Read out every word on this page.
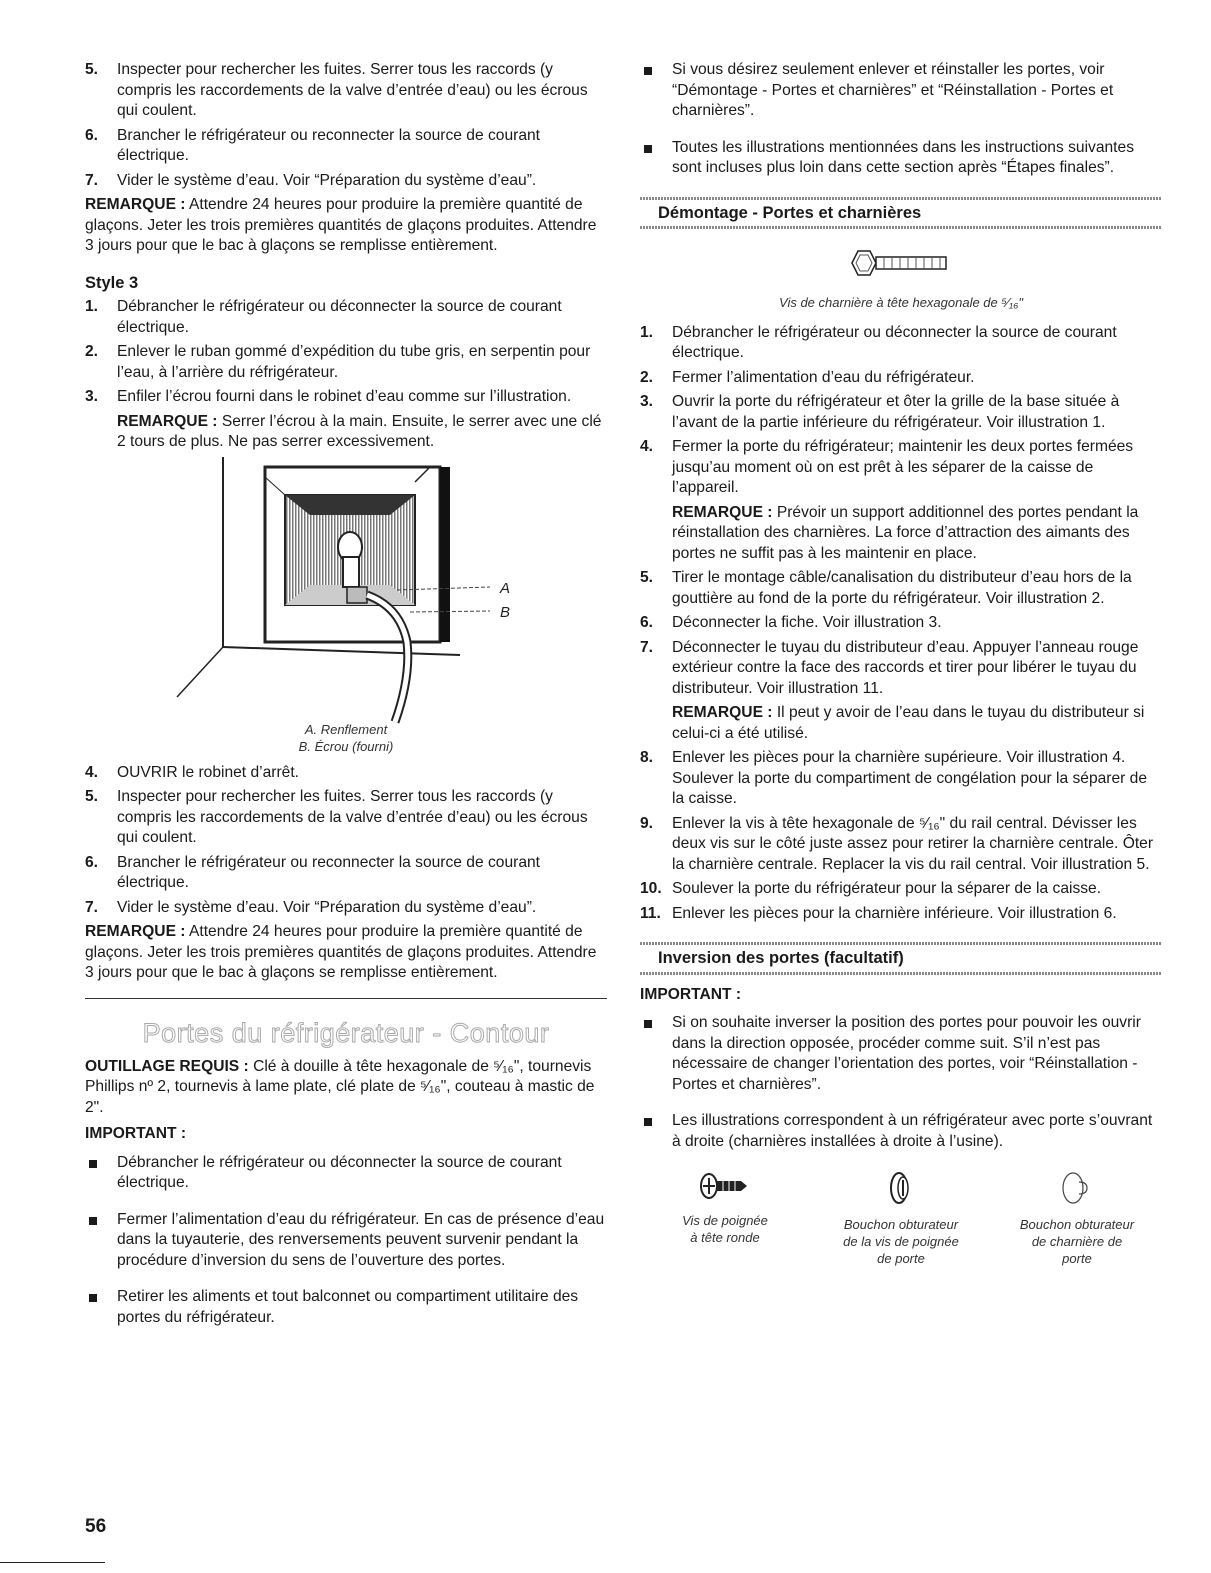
5. Inspecter pour rechercher les fuites. Serrer tous les raccords (y compris les raccordements de la valve d’entrée d’eau) ou les écrous qui coulent.
6. Brancher le réfrigérateur ou reconnecter la source de courant électrique.
7. Vider le système d’eau. Voir “Préparation du système d’eau”.

REMARQUE : Attendre 24 heures pour produire la première quantité de glaçons. Jeter les trois premières quantités de glaçons produites. Attendre 3 jours pour que le bac à glaçons se remplisse entièrement.

Style 3
1. Débrancher le réfrigérateur ou déconnecter la source de courant électrique.
2. Enlever le ruban gommé d’expédition du tube gris, en serpentin pour l’eau, à l’arrière du réfrigérateur.
3. Enfiler l’écrou fourni dans le robinet d’eau comme sur l’illustration.
REMARQUE : Serrer l’écrou à la main. Ensuite, le serrer avec une clé 2 tours de plus. Ne pas serrer excessivement.
A
B
A. Renflement
B. Écrou (fourni)
4. OUVRIR le robinet d’arrêt.
5. Inspecter pour rechercher les fuites. Serrer tous les raccords (y compris les raccordements de la valve d’entrée d’eau) ou les écrous qui coulent.
6. Brancher le réfrigérateur ou reconnecter la source de courant électrique.
7. Vider le système d’eau. Voir “Préparation du système d’eau”.

REMARQUE : Attendre 24 heures pour produire la première quantité de glaçons. Jeter les trois premières quantités de glaçons produites. Attendre 3 jours pour que le bac à glaçons se remplisse entièrement.

Portes du réfrigérateur - Contour

OUTILLAGE REQUIS : Clé à douille à tête hexagonale de ⁵⁄₁₆", tournevis Phillips nº 2, tournevis à lame plate, clé plate de ⁵⁄₁₆", couteau à mastic de 2".

IMPORTANT :

Débrancher le réfrigérateur ou déconnecter la source de courant électrique.
Fermer l’alimentation d’eau du réfrigérateur. En cas de présence d’eau dans la tuyauterie, des renversements peuvent survenir pendant la procédure d’inversion du sens de l’ouverture des portes.
Retirer les aliments et tout balconnet ou compartiment utilitaire des portes du réfrigérateur.
Si vous désirez seulement enlever et réinstaller les portes, voir “Démontage - Portes et charnières” et “Réinstallation - Portes et charnières”.
Toutes les illustrations mentionnées dans les instructions suivantes sont incluses plus loin dans cette section après “Étapes finales”.
Démontage - Portes et charnières
Vis de charnière à tête hexagonale de ⁵⁄₁₆"
1. Débrancher le réfrigérateur ou déconnecter la source de courant électrique.
2. Fermer l’alimentation d’eau du réfrigérateur.
3. Ouvrir la porte du réfrigérateur et ôter la grille de la base située à l’avant de la partie inférieure du réfrigérateur. Voir illustration 1.
4. Fermer la porte du réfrigérateur; maintenir les deux portes fermées jusqu’au moment où on est prêt à les séparer de la caisse de l’appareil.
REMARQUE : Prévoir un support additionnel des portes pendant la réinstallation des charnières. La force d’attraction des aimants des portes ne suffit pas à les maintenir en place.
5. Tirer le montage câble/canalisation du distributeur d’eau hors de la gouttière au fond de la porte du réfrigérateur. Voir illustration 2.
6. Déconnecter la fiche. Voir illustration 3.
7. Déconnecter le tuyau du distributeur d’eau. Appuyer l’anneau rouge extérieur contre la face des raccords et tirer pour libérer le tuyau du distributeur. Voir illustration 11.
REMARQUE : Il peut y avoir de l’eau dans le tuyau du distributeur si celui-ci a été utilisé.
8. Enlever les pièces pour la charnière supérieure. Voir illustration 4. Soulever la porte du compartiment de congélation pour la séparer de la caisse.
9. Enlever la vis à tête hexagonale de ⁵⁄₁₆" du rail central. Dévisser les deux vis sur le côté juste assez pour retirer la charnière centrale. Ôter la charnière centrale. Replacer la vis du rail central. Voir illustration 5.
10. Soulever la porte du réfrigérateur pour la séparer de la caisse.
11. Enlever les pièces pour la charnière inférieure. Voir illustration 6.
Inversion des portes (facultatif)

IMPORTANT :

Si on souhaite inverser la position des portes pour pouvoir les ouvrir dans la direction opposée, procéder comme suit. S’il n’est pas nécessaire de changer l’orientation des portes, voir “Réinstallation - Portes et charnières”.
Les illustrations correspondent à un réfrigérateur avec porte s’ouvrant à droite (charnières installées à droite à l’usine).
Vis de poignée
à tête ronde
Bouchon obturateur
de la vis de poignée
de porte
Bouchon obturateur
de charnière de
porte
56
